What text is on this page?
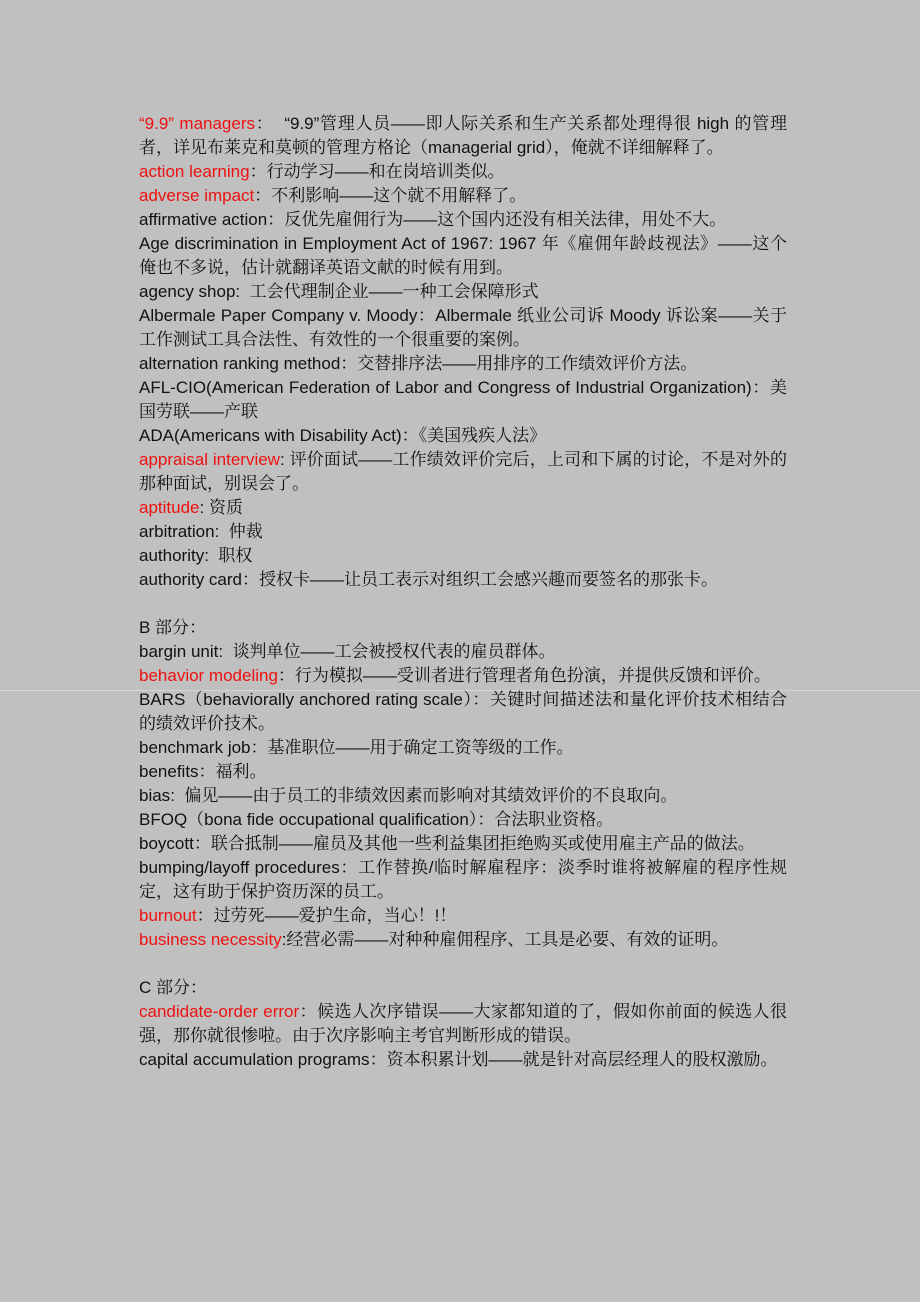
“9.9” managers：  “9.9”管理人员——即人际关系和生产关系都处理得很 high 的管理者，详见布莱克和莫顿的管理方格论（managerial grid），俺就不详细解释了。
action learning：行动学习——和在岗培训类似。
adverse impact：不利影响——这个就不用解释了。
affirmative action：反优先雇佣行为——这个国内还没有相关法律，用处不大。
Age discrimination in Employment Act of 1967: 1967 年《雇佣年龄歧视法》——这个俺也不多说，估计就翻译英语文献的时候有用到。
agency shop:  工会代理制企业——一种工会保障形式
Albermale Paper Company v. Moody：Albermale 纸业公司诉 Moody 诉讼案——关于工作测试工具合法性、有效性的一个很重要的案例。
alternation ranking method：交替排序法——用排序的工作绩效评价方法。
AFL-CIO(American Federation of Labor and Congress of Industrial Organization)：美国劳联——产联
ADA(Americans with Disability Act)：《美国残疾人法》
appraisal interview: 评价面试——工作绩效评价完后，上司和下属的讨论，不是对外的那种面试，别误会了。
aptitude: 资质
arbitration:  仲裁
authority:  职权
authority card：授权卡——让员工表示对组织工会感兴趣而要签名的那张卡。
B 部分：
bargin unit:  谈判单位——工会被授权代表的雇员群体。
behavior modeling：行为模拟——受训者进行管理者角色扮演，并提供反馈和评价。
BARS（behaviorally anchored rating scale）：关键时间描述法和量化评价技术相结合的绩效评价技术。
benchmark job：基准职位——用于确定工资等级的工作。
benefits：福利。
bias:  偏见——由于员工的非绩效因素而影响对其绩效评价的不良取向。
BFOQ（bona fide occupational qualification）：合法职业资格。
boycott：联合抵制——雇员及其他一些利益集团拒绝购买或使用雇主产品的做法。
bumping/layoff procedures：工作替换/临时解雇程序：淡季时谁将被解雇的程序性规定，这有助于保护资历深的员工。
burnout：过劳死——爱护生命，当心！!！
business necessity:经营必需——对种种雇佣程序、工具是必要、有效的证明。
C 部分：
candidate-order error：候选人次序错误——大家都知道的了，假如你前面的候选人很强，那你就很惨啦。由于次序影响主考官判断形成的错误。
capital accumulation programs：资本积累计划——就是针对高层经理人的股权激励。
